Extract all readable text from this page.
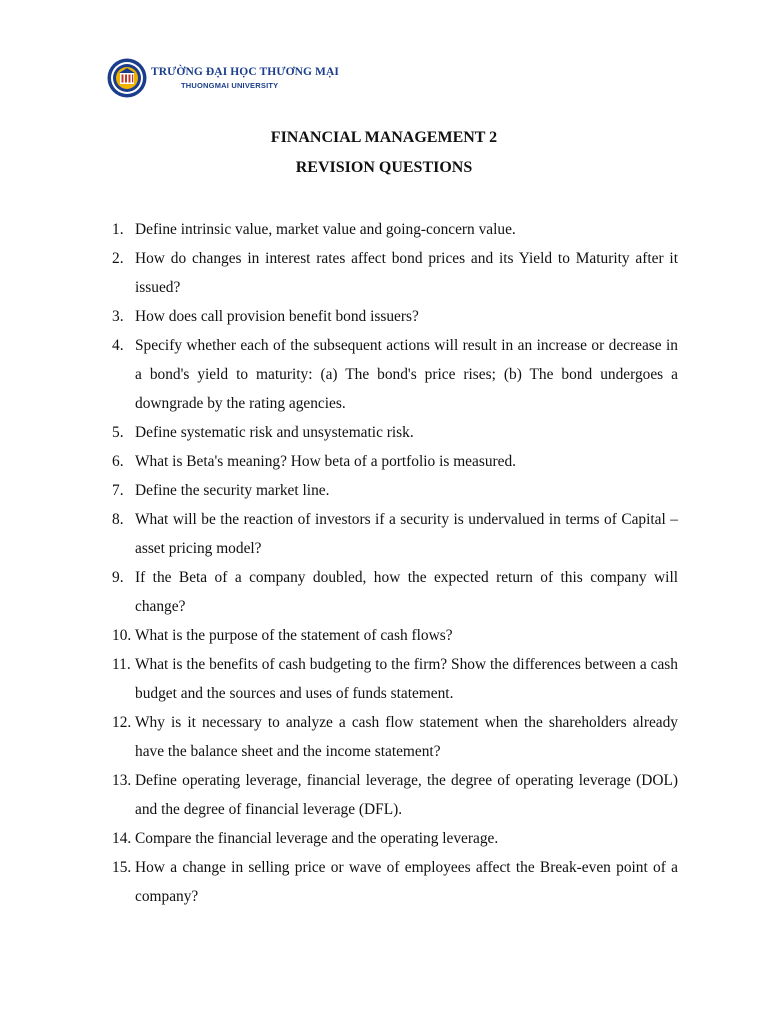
TRƯỜNG ĐẠI HỌC THƯƠNG MẠI
THUONGMAI UNIVERSITY
FINANCIAL MANAGEMENT 2
REVISION QUESTIONS
1. Define intrinsic value, market value and going-concern value.
2. How do changes in interest rates affect bond prices and its Yield to Maturity after it issued?
3. How does call provision benefit bond issuers?
4. Specify whether each of the subsequent actions will result in an increase or decrease in a bond's yield to maturity: (a) The bond's price rises; (b) The bond undergoes a downgrade by the rating agencies.
5. Define systematic risk and unsystematic risk.
6. What is Beta's meaning? How beta of a portfolio is measured.
7. Define the security market line.
8. What will be the reaction of investors if a security is undervalued in terms of Capital – asset pricing model?
9. If the Beta of a company doubled, how the expected return of this company will change?
10. What is the purpose of the statement of cash flows?
11. What is the benefits of cash budgeting to the firm? Show the differences between a cash budget and the sources and uses of funds statement.
12. Why is it necessary to analyze a cash flow statement when the shareholders already have the balance sheet and the income statement?
13. Define operating leverage, financial leverage, the degree of operating leverage (DOL) and the degree of financial leverage (DFL).
14. Compare the financial leverage and the operating leverage.
15. How a change in selling price or wave of employees affect the Break-even point of a company?
